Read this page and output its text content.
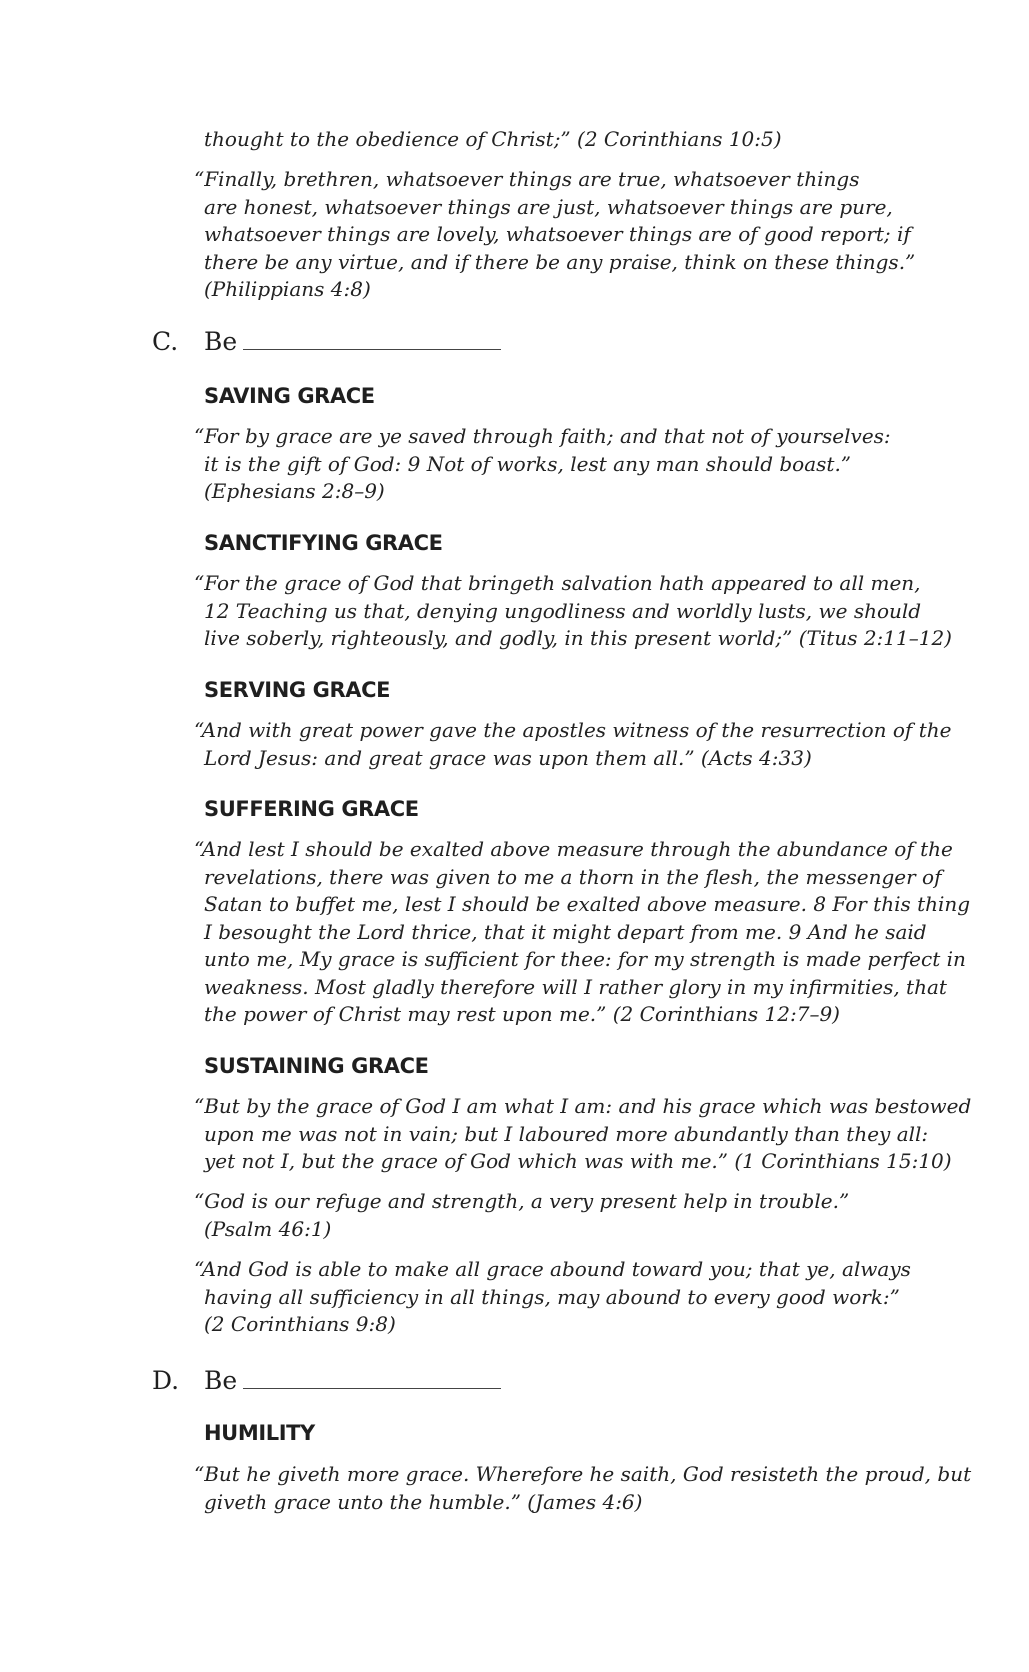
thought to the obedience of Christ;” (2 Corinthians 10:5)
“Finally, brethren, whatsoever things are true, whatsoever things
are honest, whatsoever things are just, whatsoever things are pure,
whatsoever things are lovely, whatsoever things are of good report; if
there be any virtue, and if there be any praise, think on these things.”
(Philippians 4:8)
C. Be
SAVING GRACE
“For by grace are ye saved through faith; and that not of yourselves:
it is the gift of God: 9 Not of works, lest any man should boast.”
(Ephesians 2:8–9)
SANCTIFYING GRACE
“For the grace of God that bringeth salvation hath appeared to all men,
12 Teaching us that, denying ungodliness and worldly lusts, we should
live soberly, righteously, and godly, in this present world;” (Titus 2:11–12)
SERVING GRACE
“And with great power gave the apostles witness of the resurrection of the
Lord Jesus: and great grace was upon them all.” (Acts 4:33)
SUFFERING GRACE
“And lest I should be exalted above measure through the abundance of the
revelations, there was given to me a thorn in the flesh, the messenger of
Satan to buffet me, lest I should be exalted above measure. 8 For this thing
I besought the Lord thrice, that it might depart from me. 9 And he said
unto me, My grace is sufficient for thee: for my strength is made perfect in
weakness. Most gladly therefore will I rather glory in my infirmities, that
the power of Christ may rest upon me.” (2 Corinthians 12:7–9)
SUSTAINING GRACE
“But by the grace of God I am what I am: and his grace which was bestowed
upon me was not in vain; but I laboured more abundantly than they all:
yet not I, but the grace of God which was with me.” (1 Corinthians 15:10)
“God is our refuge and strength, a very present help in trouble.”
(Psalm 46:1)
“And God is able to make all grace abound toward you; that ye, always
having all sufficiency in all things, may abound to every good work:”
(2 Corinthians 9:8)
D. Be
HUMILITY
“But he giveth more grace. Wherefore he saith, God resisteth the proud, but
giveth grace unto the humble.” (James 4:6)
